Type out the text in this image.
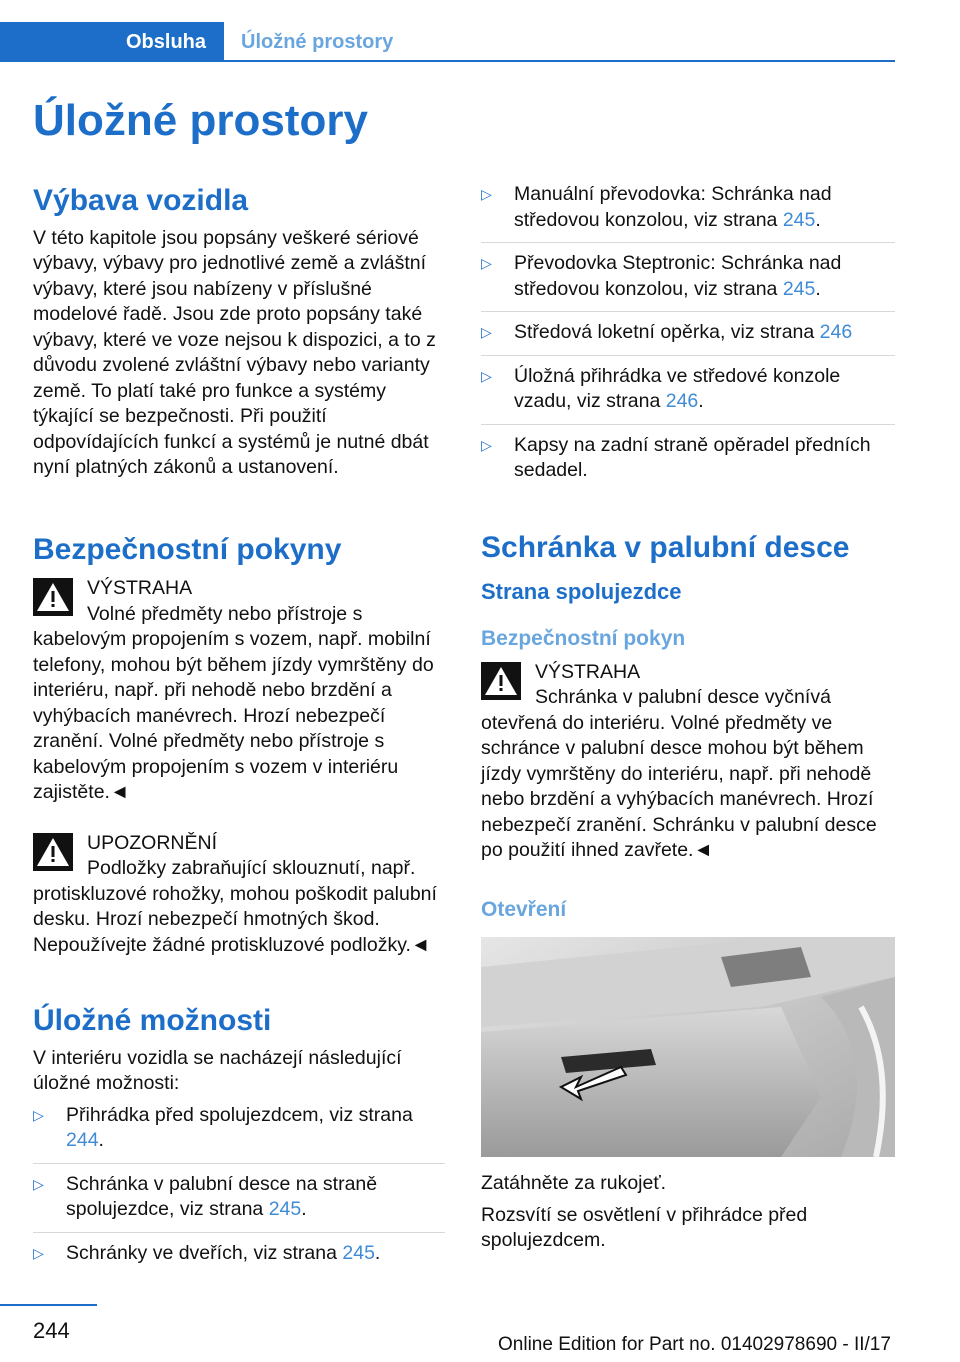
Obsluha	Úložné prostory
Úložné prostory
Výbava vozidla

V této kapitole jsou popsány veškeré sériové výbavy, výbavy pro jednotlivé země a zvláštní výbavy, které jsou nabízeny v příslušné modelové řadě. Jsou zde proto popsány také výbavy, které ve voze nejsou k dispozici, a to z důvodu zvolené zvláštní výbavy nebo varianty země. To platí také pro funkce a systémy týkající se bezpečnosti. Při použití odpovídajících funkcí a systémů je nutné dbát nyní platných zákonů a ustanovení.

Bezpečnostní pokyny
VÝSTRAHA

Volné předměty nebo přístroje s kabelovým propojením s vozem, např. mobilní telefony, mohou být během jízdy vymrštěny do interiéru, např. při nehodě nebo brzdění a vyhýbacích manévrech. Hrozí nebezpečí zranění. Volné předměty nebo přístroje s kabelovým propojením s vozem v interiéru zajistěte.◄

UPOZORNĚNÍ

Podložky zabraňující sklouznutí, např. protiskluzové rohožky, mohou poškodit palubní desku. Hrozí nebezpečí hmotných škod. Nepoužívejte žádné protiskluzové podložky.◄

Úložné možnosti

V interiéru vozidla se nacházejí následující úložné možnosti:

▷ Přihrádka před spolujezdcem, viz strana 244.
▷ Schránka v palubní desce na straně spolujezdce, viz strana 245.
▷ Schránky ve dveřích, viz strana 245.
▷ Manuální převodovka: Schránka nad středovou konzolou, viz strana 245.
▷ Převodovka Steptronic: Schránka nad středovou konzolou, viz strana 245.
▷ Středová loketní opěrka, viz strana 246
▷ Úložná přihrádka ve středové konzole vzadu, viz strana 246.
▷ Kapsy na zadní straně opěradel předních sedadel.
Schránka v palubní desce
Strana spolujezdce
Bezpečnostní pokyn
VÝSTRAHA

Schránka v palubní desce vyčnívá otevřená do interiéru. Volné předměty ve schránce v palubní desce mohou být během jízdy vymrštěny do interiéru, např. při nehodě nebo brzdění a vyhýbacích manévrech. Hrozí nebezpečí zranění. Schránku v palubní desce po použití ihned zavřete.◄

Otevření

Zatáhněte za rukojeť.

Rozsvítí se osvětlení v přihrádce před spolujezdcem.

244
Online Edition for Part no. 01402978690 - II/17
